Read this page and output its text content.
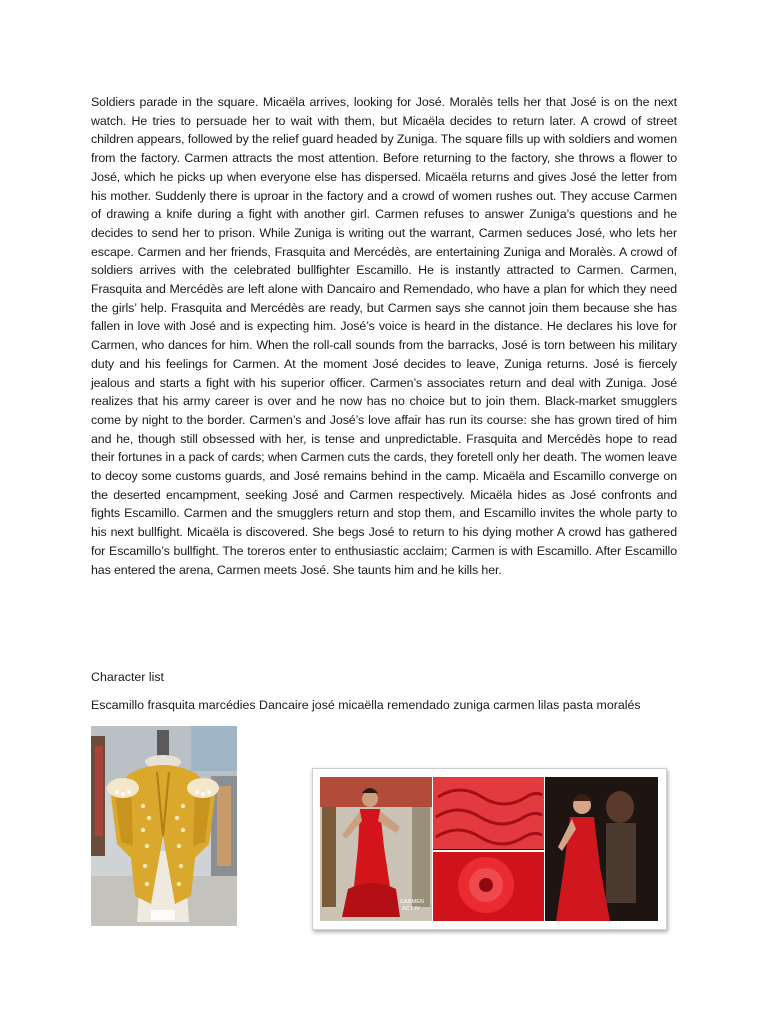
Soldiers parade in the square. Micaëla arrives, looking for José. Moralès tells her that José is on the next watch. He tries to persuade her to wait with them, but Micaëla decides to return later. A crowd of street children appears, followed by the relief guard headed by Zuniga. The square fills up with soldiers and women from the factory. Carmen attracts the most attention. Before returning to the factory, she throws a flower to José, which he picks up when everyone else has dispersed. Micaëla returns and gives José the letter from his mother. Suddenly there is uproar in the factory and a crowd of women rushes out. They accuse Carmen of drawing a knife during a fight with another girl. Carmen refuses to answer Zuniga’s questions and he decides to send her to prison. While Zuniga is writing out the warrant, Carmen seduces José, who lets her escape. Carmen and her friends, Frasquita and Mercédès, are entertaining Zuniga and Moralès. A crowd of soldiers arrives with the celebrated bullfighter Escamillo. He is instantly attracted to Carmen. Carmen, Frasquita and Mercédès are left alone with Dancairo and Remendado, who have a plan for which they need the girls’ help. Frasquita and Mercédès are ready, but Carmen says she cannot join them because she has fallen in love with José and is expecting him. José’s voice is heard in the distance. He declares his love for Carmen, who dances for him. When the roll-call sounds from the barracks, José is torn between his military duty and his feelings for Carmen. At the moment José decides to leave, Zuniga returns. José is fiercely jealous and starts a fight with his superior officer. Carmen’s associates return and deal with Zuniga. José realizes that his army career is over and he now has no choice but to join them. Black-market smugglers come by night to the border. Carmen’s and José’s love affair has run its course: she has grown tired of him and he, though still obsessed with her, is tense and unpredictable. Frasquita and Mercédès hope to read their fortunes in a pack of cards; when Carmen cuts the cards, they foretell only her death. The women leave to decoy some customs guards, and José remains behind in the camp. Micaëla and Escamillo converge on the deserted encampment, seeking José and Carmen respectively. Micaëla hides as José confronts and fights Escamillo. Carmen and the smugglers return and stop them, and Escamillo invites the whole party to his next bullfight. Micaëla is discovered. She begs José to return to his dying mother A crowd has gathered for Escamillo’s bullfight. The toreros enter to enthusiastic acclaim; Carmen is with Escamillo. After Escamillo has entered the arena, Carmen meets José. She taunts him and he kills her.

Character list

Escamillo frasquita marcédies Dancaire josé micaëlla remendado zuniga carmen lilas pasta moralés

CARMEN
ACT IV
